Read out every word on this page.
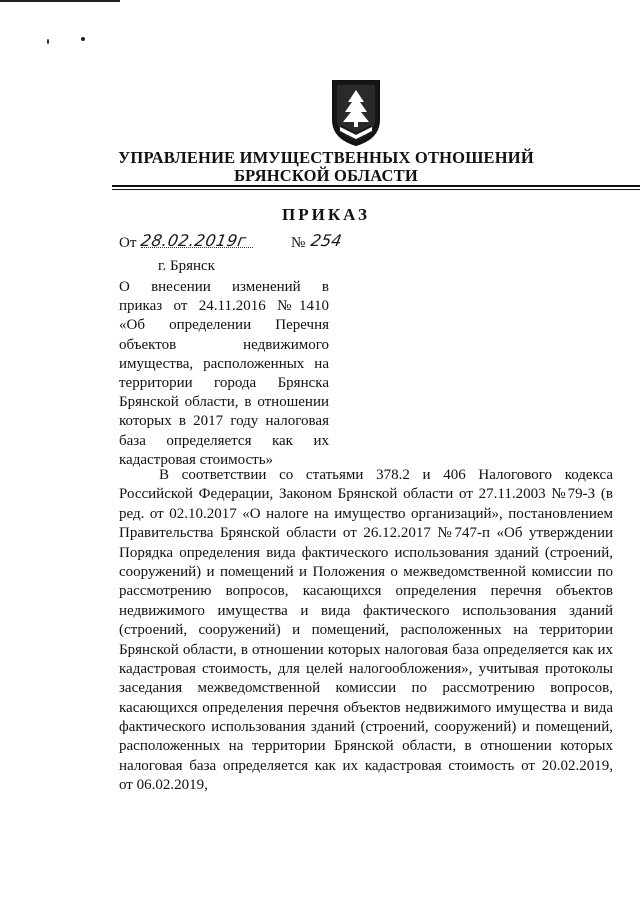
УПРАВЛЕНИЕ ИМУЩЕСТВЕННЫХ ОТНОШЕНИЙ
БРЯНСКОЙ ОБЛАСТИ
ПРИКАЗ
От 28.02.2019г	№ 254
г. Брянск
О внесении изменений в
приказ от 24.11.2016 №1410
«Об определении Перечня
объектов недвижимого
имущества, расположенных на
территории города Брянска
Брянской области, в отношении
которых в 2017 году налоговая
база определяется как их
кадастровая стоимость»
В соответствии со статьями 378.2 и 406 Налогового кодекса
Российской Федерации, Законом Брянской области от 27.11.2003 №79-З (в
ред. от 02.10.2017 «О налоге на имущество организаций», постановлением
Правительства Брянской области от 26.12.2017 №747-п «Об утверждении
Порядка определения вида фактического использования зданий (строений,
сооружений) и помещений и Положения о межведомственной комиссии по
рассмотрению вопросов, касающихся определения перечня объектов
недвижимого имущества и вида фактического использования зданий
(строений, сооружений) и помещений, расположенных на территории
Брянской области, в отношении которых налоговая база определяется как их
кадастровая стоимость, для целей налогообложения», учитывая протоколы
заседания межведомственной комиссии по рассмотрению вопросов,
касающихся определения перечня объектов недвижимого имущества и вида
фактического использования зданий (строений, сооружений) и помещений,
расположенных на территории Брянской области, в отношении которых
налоговая база определяется как их кадастровая стоимость от 20.02.2019,
от 06.02.2019,
